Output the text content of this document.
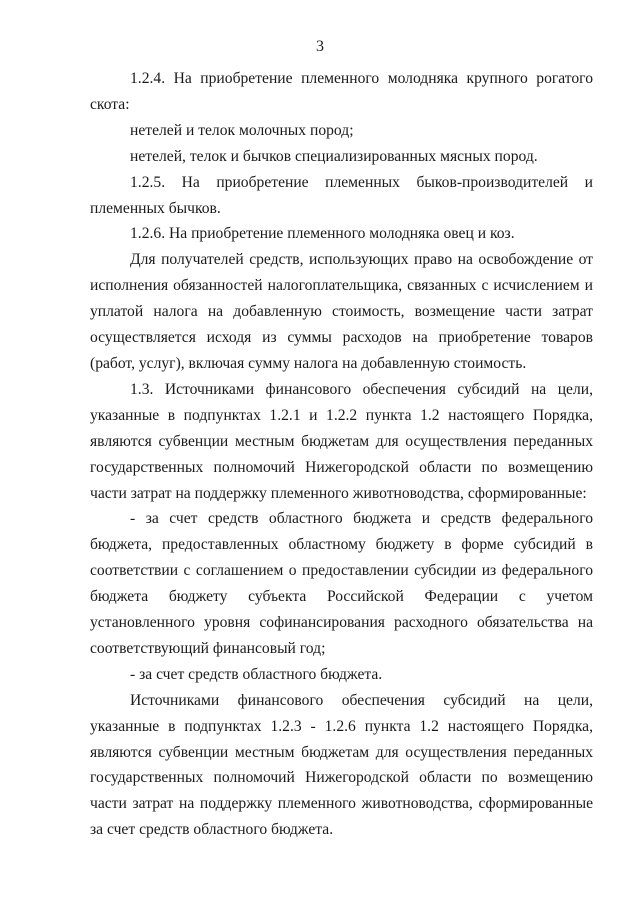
3

1.2.4. На приобретение племенного молодняка крупного рогатого скота:

нетелей и телок молочных пород;

нетелей, телок и бычков специализированных мясных пород.

1.2.5. На приобретение племенных быков-производителей и племенных бычков.

1.2.6. На приобретение племенного молодняка овец и коз.

Для получателей средств, использующих право на освобождение от исполнения обязанностей налогоплательщика, связанных с исчислением и уплатой налога на добавленную стоимость, возмещение части затрат осуществляется исходя из суммы расходов на приобретение товаров (работ, услуг), включая сумму налога на добавленную стоимость.

1.3. Источниками финансового обеспечения субсидий на цели, указанные в подпунктах 1.2.1 и 1.2.2 пункта 1.2 настоящего Порядка, являются субвенции местным бюджетам для осуществления переданных государственных полномочий Нижегородской области по возмещению части затрат на поддержку племенного животноводства, сформированные:

- за счет средств областного бюджета и средств федерального бюджета, предоставленных областному бюджету в форме субсидий в соответствии с соглашением о предоставлении субсидии из федерального бюджета бюджету субъекта Российской Федерации с учетом установленного уровня софинансирования расходного обязательства на соответствующий финансовый год;

- за счет средств областного бюджета.

Источниками финансового обеспечения субсидий на цели, указанные в подпунктах 1.2.3 - 1.2.6 пункта 1.2 настоящего Порядка, являются субвенции местным бюджетам для осуществления переданных государственных полномочий Нижегородской области по возмещению части затрат на поддержку племенного животноводства, сформированные за счет средств областного бюджета.
